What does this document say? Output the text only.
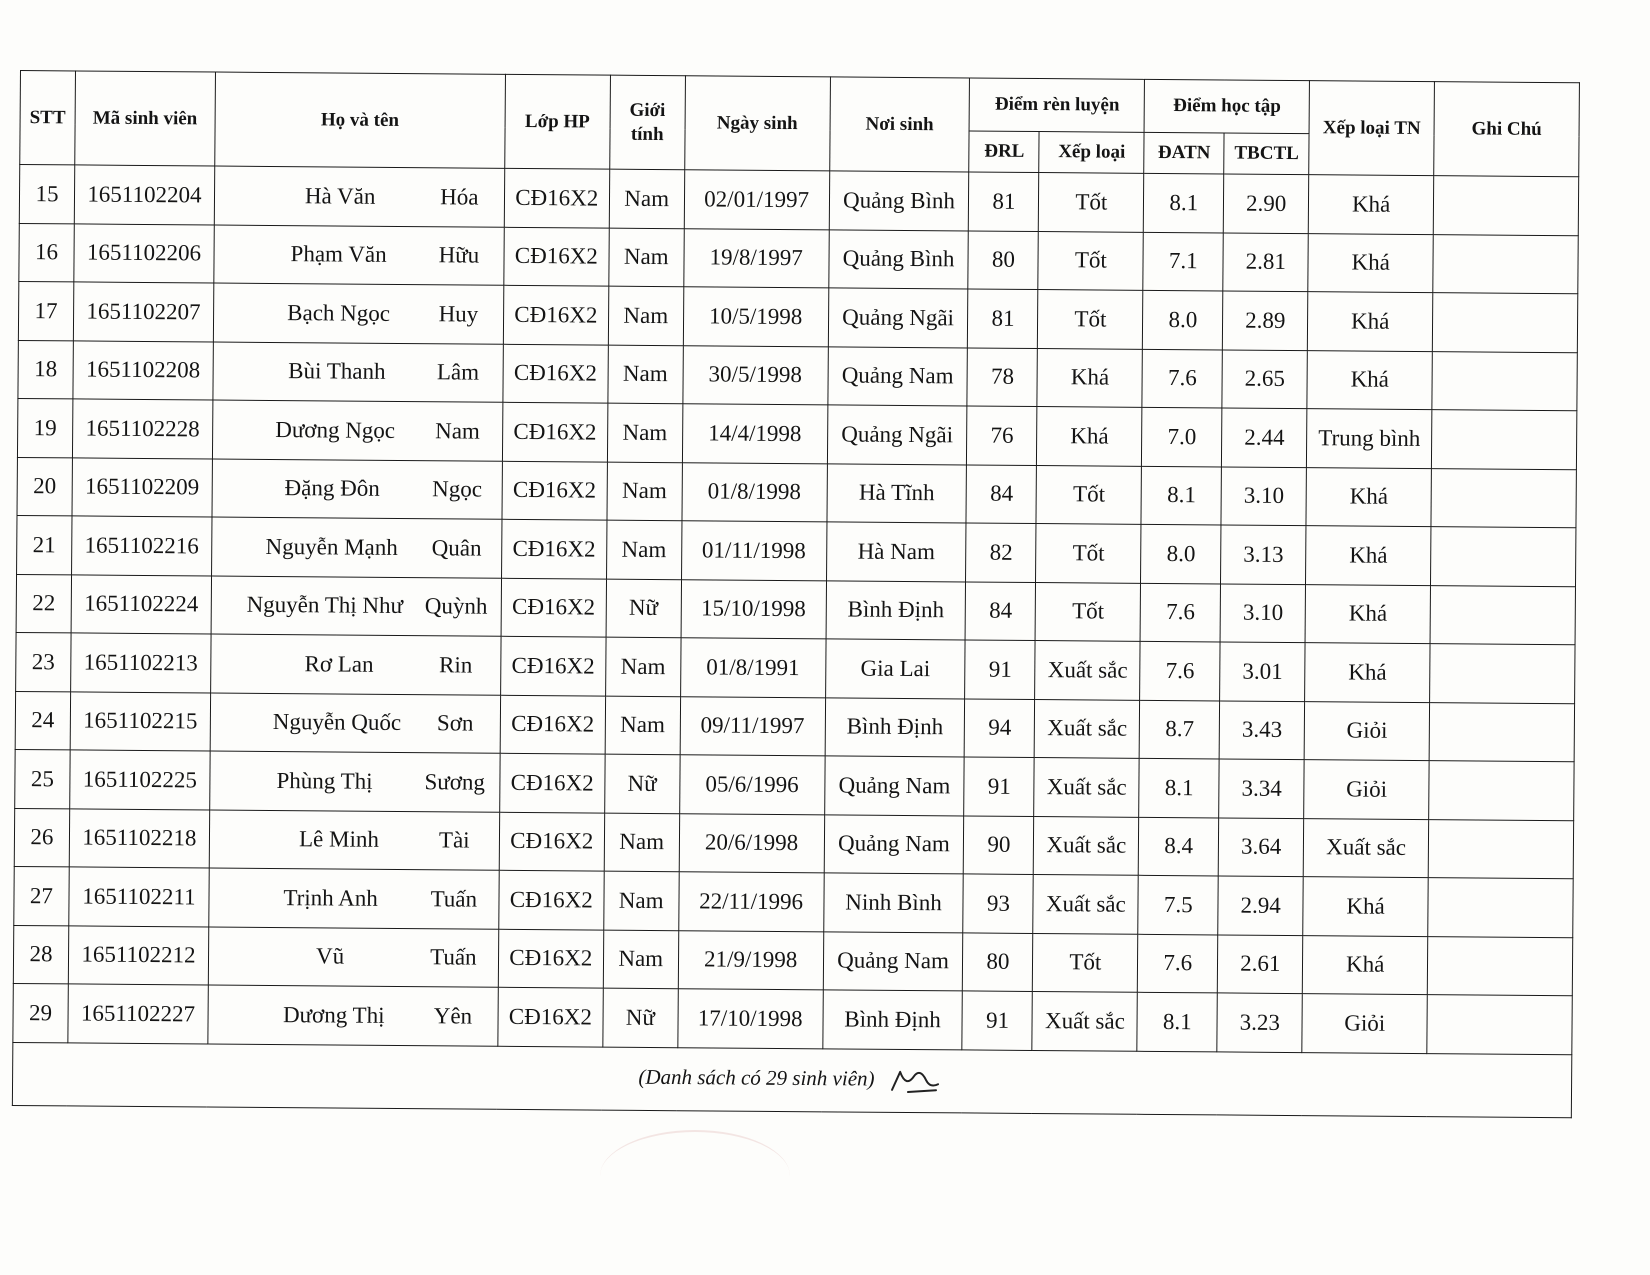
STT	Mã sinh viên	Họ và tên	Lớp HP	Giới tính	Ngày sinh	Nơi sinh	Điểm rèn luyện		Điểm học tập		Xếp loại TN	Ghi Chú
							ĐRL	Xếp loại	ĐATN	TBCTL		
15	1651102204	Hà Văn Hóa	CĐ16X2	Nam	02/01/1997	Quảng Bình	81	Tốt	8.1	2.90	Khá	
16	1651102206	Phạm Văn Hữu	CĐ16X2	Nam	19/8/1997	Quảng Bình	80	Tốt	7.1	2.81	Khá	
17	1651102207	Bạch Ngọc Huy	CĐ16X2	Nam	10/5/1998	Quảng Ngãi	81	Tốt	8.0	2.89	Khá	
18	1651102208	Bùi Thanh Lâm	CĐ16X2	Nam	30/5/1998	Quảng Nam	78	Khá	7.6	2.65	Khá	
19	1651102228	Dương Ngọc Nam	CĐ16X2	Nam	14/4/1998	Quảng Ngãi	76	Khá	7.0	2.44	Trung bình	
20	1651102209	Đặng Đôn Ngọc	CĐ16X2	Nam	01/8/1998	Hà Tĩnh	84	Tốt	8.1	3.10	Khá	
21	1651102216	Nguyễn Mạnh Quân	CĐ16X2	Nam	01/11/1998	Hà Nam	82	Tốt	8.0	3.13	Khá	
22	1651102224	Nguyễn Thị Như Quỳnh	CĐ16X2	Nữ	15/10/1998	Bình Định	84	Tốt	7.6	3.10	Khá	
23	1651102213	Rơ Lan Rin	CĐ16X2	Nam	01/8/1991	Gia Lai	91	Xuất sắc	7.6	3.01	Khá	
24	1651102215	Nguyễn Quốc Sơn	CĐ16X2	Nam	09/11/1997	Bình Định	94	Xuất sắc	8.7	3.43	Giỏi	
25	1651102225	Phùng Thị Sương	CĐ16X2	Nữ	05/6/1996	Quảng Nam	91	Xuất sắc	8.1	3.34	Giỏi	
26	1651102218	Lê Minh Tài	CĐ16X2	Nam	20/6/1998	Quảng Nam	90	Xuất sắc	8.4	3.64	Xuất sắc	
27	1651102211	Trịnh Anh Tuấn	CĐ16X2	Nam	22/11/1996	Ninh Bình	93	Xuất sắc	7.5	2.94	Khá	
28	1651102212	Vũ Tuấn	CĐ16X2	Nam	21/9/1998	Quảng Nam	80	Tốt	7.6	2.61	Khá	
29	1651102227	Dương Thị Yên	CĐ16X2	Nữ	17/10/1998	Bình Định	91	Xuất sắc	8.1	3.23	Giỏi	
(Danh sách có 29 sinh viên)												
